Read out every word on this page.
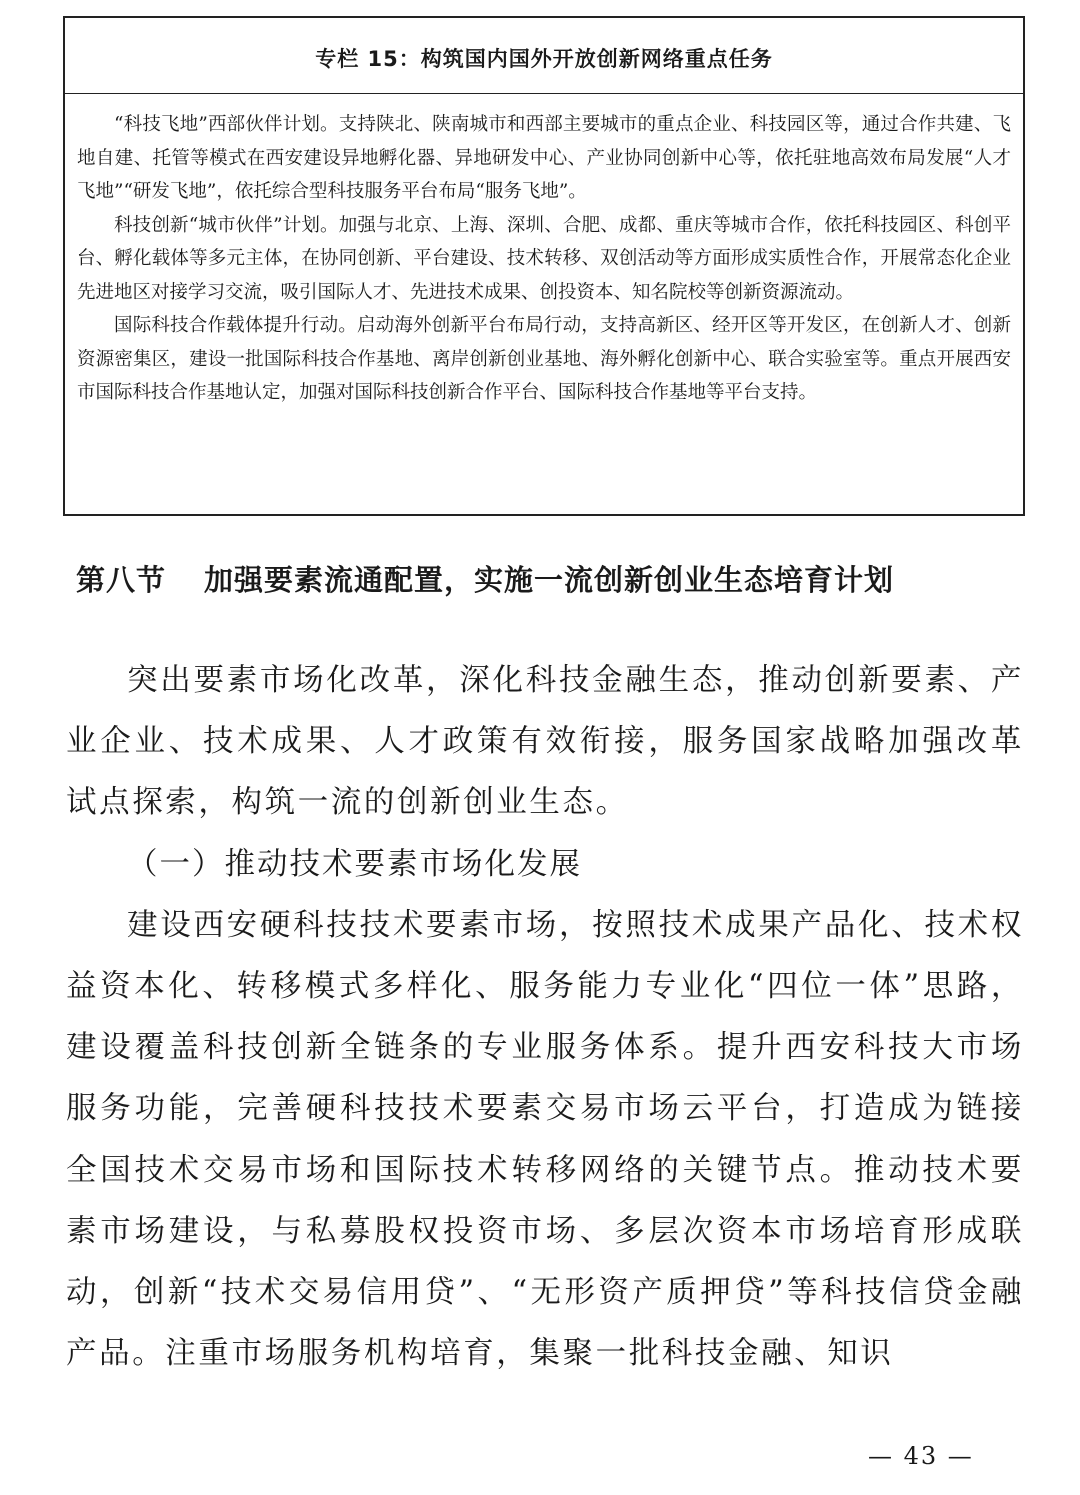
专栏 15：构筑国内国外开放创新网络重点任务

“科技飞地”西部伙伴计划。支持陕北、陕南城市和西部主要城市的重点企业、科技园区等，通过合作共建、飞地自建、托管等模式在西安建设异地孵化器、异地研发中心、产业协同创新中心等，依托驻地高效布局发展“人才飞地”“研发飞地”，依托综合型科技服务平台布局“服务飞地”。

科技创新“城市伙伴”计划。加强与北京、上海、深圳、合肥、成都、重庆等城市合作，依托科技园区、科创平台、孵化载体等多元主体，在协同创新、平台建设、技术转移、双创活动等方面形成实质性合作，开展常态化企业先进地区对接学习交流，吸引国际人才、先进技术成果、创投资本、知名院校等创新资源流动。

国际科技合作载体提升行动。启动海外创新平台布局行动，支持高新区、经开区等开发区，在创新人才、创新资源密集区，建设一批国际科技合作基地、离岸创新创业基地、海外孵化创新中心、联合实验室等。重点开展西安市国际科技合作基地认定，加强对国际科技创新合作平台、国际科技合作基地等平台支持。

第八节 加强要素流通配置，实施一流创新创业生态培育计划

突出要素市场化改革，深化科技金融生态，推动创新要素、产业企业、技术成果、人才政策有效衔接，服务国家战略加强改革试点探索，构筑一流的创新创业生态。

（一）推动技术要素市场化发展

建设西安硬科技技术要素市场，按照技术成果产品化、技术权益资本化、转移模式多样化、服务能力专业化“四位一体”思路，建设覆盖科技创新全链条的专业服务体系。提升西安科技大市场服务功能，完善硬科技技术要素交易市场云平台，打造成为链接全国技术交易市场和国际技术转移网络的关键节点。推动技术要素市场建设，与私募股权投资市场、多层次资本市场培育形成联动，创新“技术交易信用贷”、“无形资产质押贷”等科技信贷金融产品。注重市场服务机构培育，集聚一批科技金融、知识

— 43 —
